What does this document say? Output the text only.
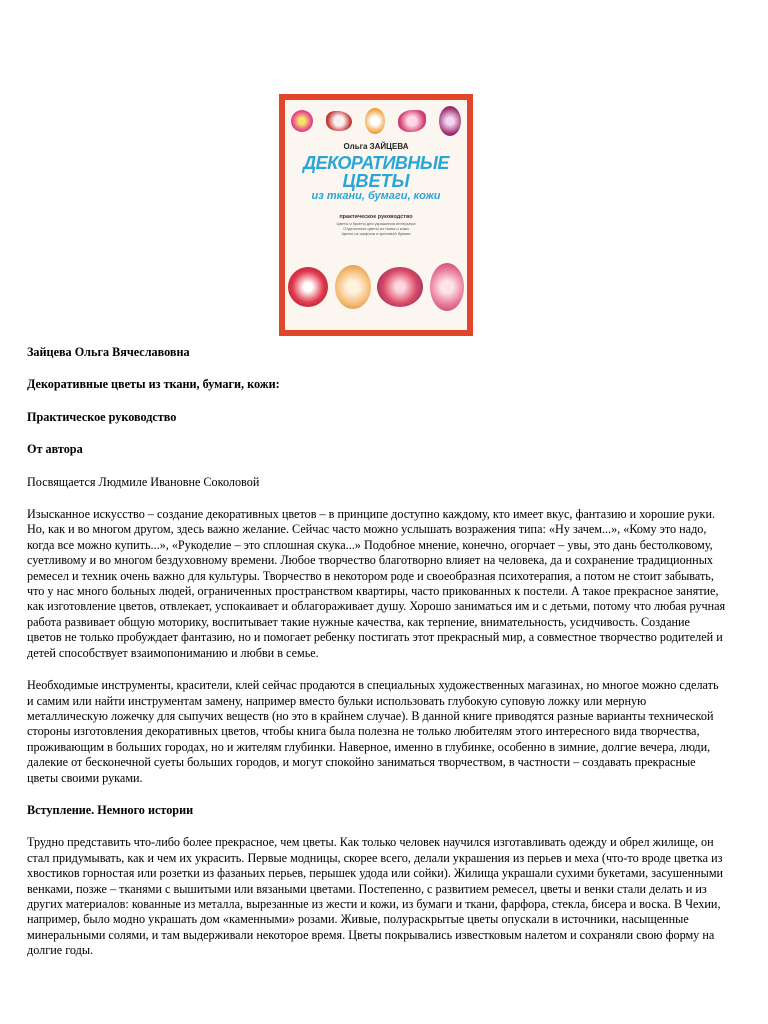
Ольга ЗАЙЦЕВА
ДЕКОРАТИВНЫЕ
ЦВЕТЫ
из ткани, бумаги, кожи
практическое руководство
Цветы и букеты для украшения интерьера
Отделочные цветы из ткани и кожи
Цветы из шифона и креповой бумаги

Зайцева Ольга Вячеславовна

Декоративные цветы из ткани, бумаги, кожи:

Практическое руководство

От автора

Посвящается Людмиле Ивановне Соколовой

Изысканное искусство – создание декоративных цветов – в принципе доступно каждому, кто имеет вкус, фантазию и хорошие руки. Но, как и во многом другом, здесь важно желание. Сейчас часто можно услышать возражения типа: «Ну зачем...», «Кому это надо, когда все можно купить...», «Рукоделие – это сплошная скука...» Подобное мнение, конечно, огорчает – увы, это дань бестолковому, суетливому и во многом бездуховному времени. Любое творчество благотворно влияет на человека, да и сохранение традиционных ремесел и техник очень важно для культуры. Творчество в некотором роде и своеобразная психотерапия, а потом не стоит забывать, что у нас много больных людей, ограниченных пространством квартиры, часто прикованных к постели. А такое прекрасное занятие, как изготовление цветов, отвлекает, успокаивает и облагораживает душу. Хорошо заниматься им и с детьми, потому что любая ручная работа развивает общую моторику, воспитывает такие нужные качества, как терпение, внимательность, усидчивость. Создание цветов не только пробуждает фантазию, но и помогает ребенку постигать этот прекрасный мир, а совместное творчество родителей и детей способствует взаимопониманию и любви в семье.

Необходимые инструменты, красители, клей сейчас продаются в специальных художественных магазинах, но многое можно сделать и самим или найти инструментам замену, например вместо бульки использовать глубокую суповую ложку или мерную металлическую ложечку для сыпучих веществ (но это в крайнем случае). В данной книге приводятся разные варианты технической стороны изготовления декоративных цветов, чтобы книга была полезна не только любителям этого интересного вида творчества, проживающим в больших городах, но и жителям глубинки. Наверное, именно в глубинке, особенно в зимние, долгие вечера, люди, далекие от бесконечной суеты больших городов, и могут спокойно заниматься творчеством, в частности – создавать прекрасные цветы своими руками.

Вступление. Немного истории

Трудно представить что-либо более прекрасное, чем цветы. Как только человек научился изготавливать одежду и обрел жилище, он стал придумывать, как и чем их украсить. Первые модницы, скорее всего, делали украшения из перьев и меха (что-то вроде цветка из хвостиков горностая или розетки из фазаньих перьев, перышек удода или сойки). Жилища украшали сухими букетами, засушенными венками, позже – тканями с вышитыми или вязаными цветами. Постепенно, с развитием ремесел, цветы и венки стали делать и из других материалов: кованные из металла, вырезанные из жести и кожи, из бумаги и ткани, фарфора, стекла, бисера и воска. В Чехии, например, было модно украшать дом «каменными» розами. Живые, полураскрытые цветы опускали в источники, насыщенные минеральными солями, и там выдерживали некоторое время. Цветы покрывались известковым налетом и сохраняли свою форму на долгие годы.
